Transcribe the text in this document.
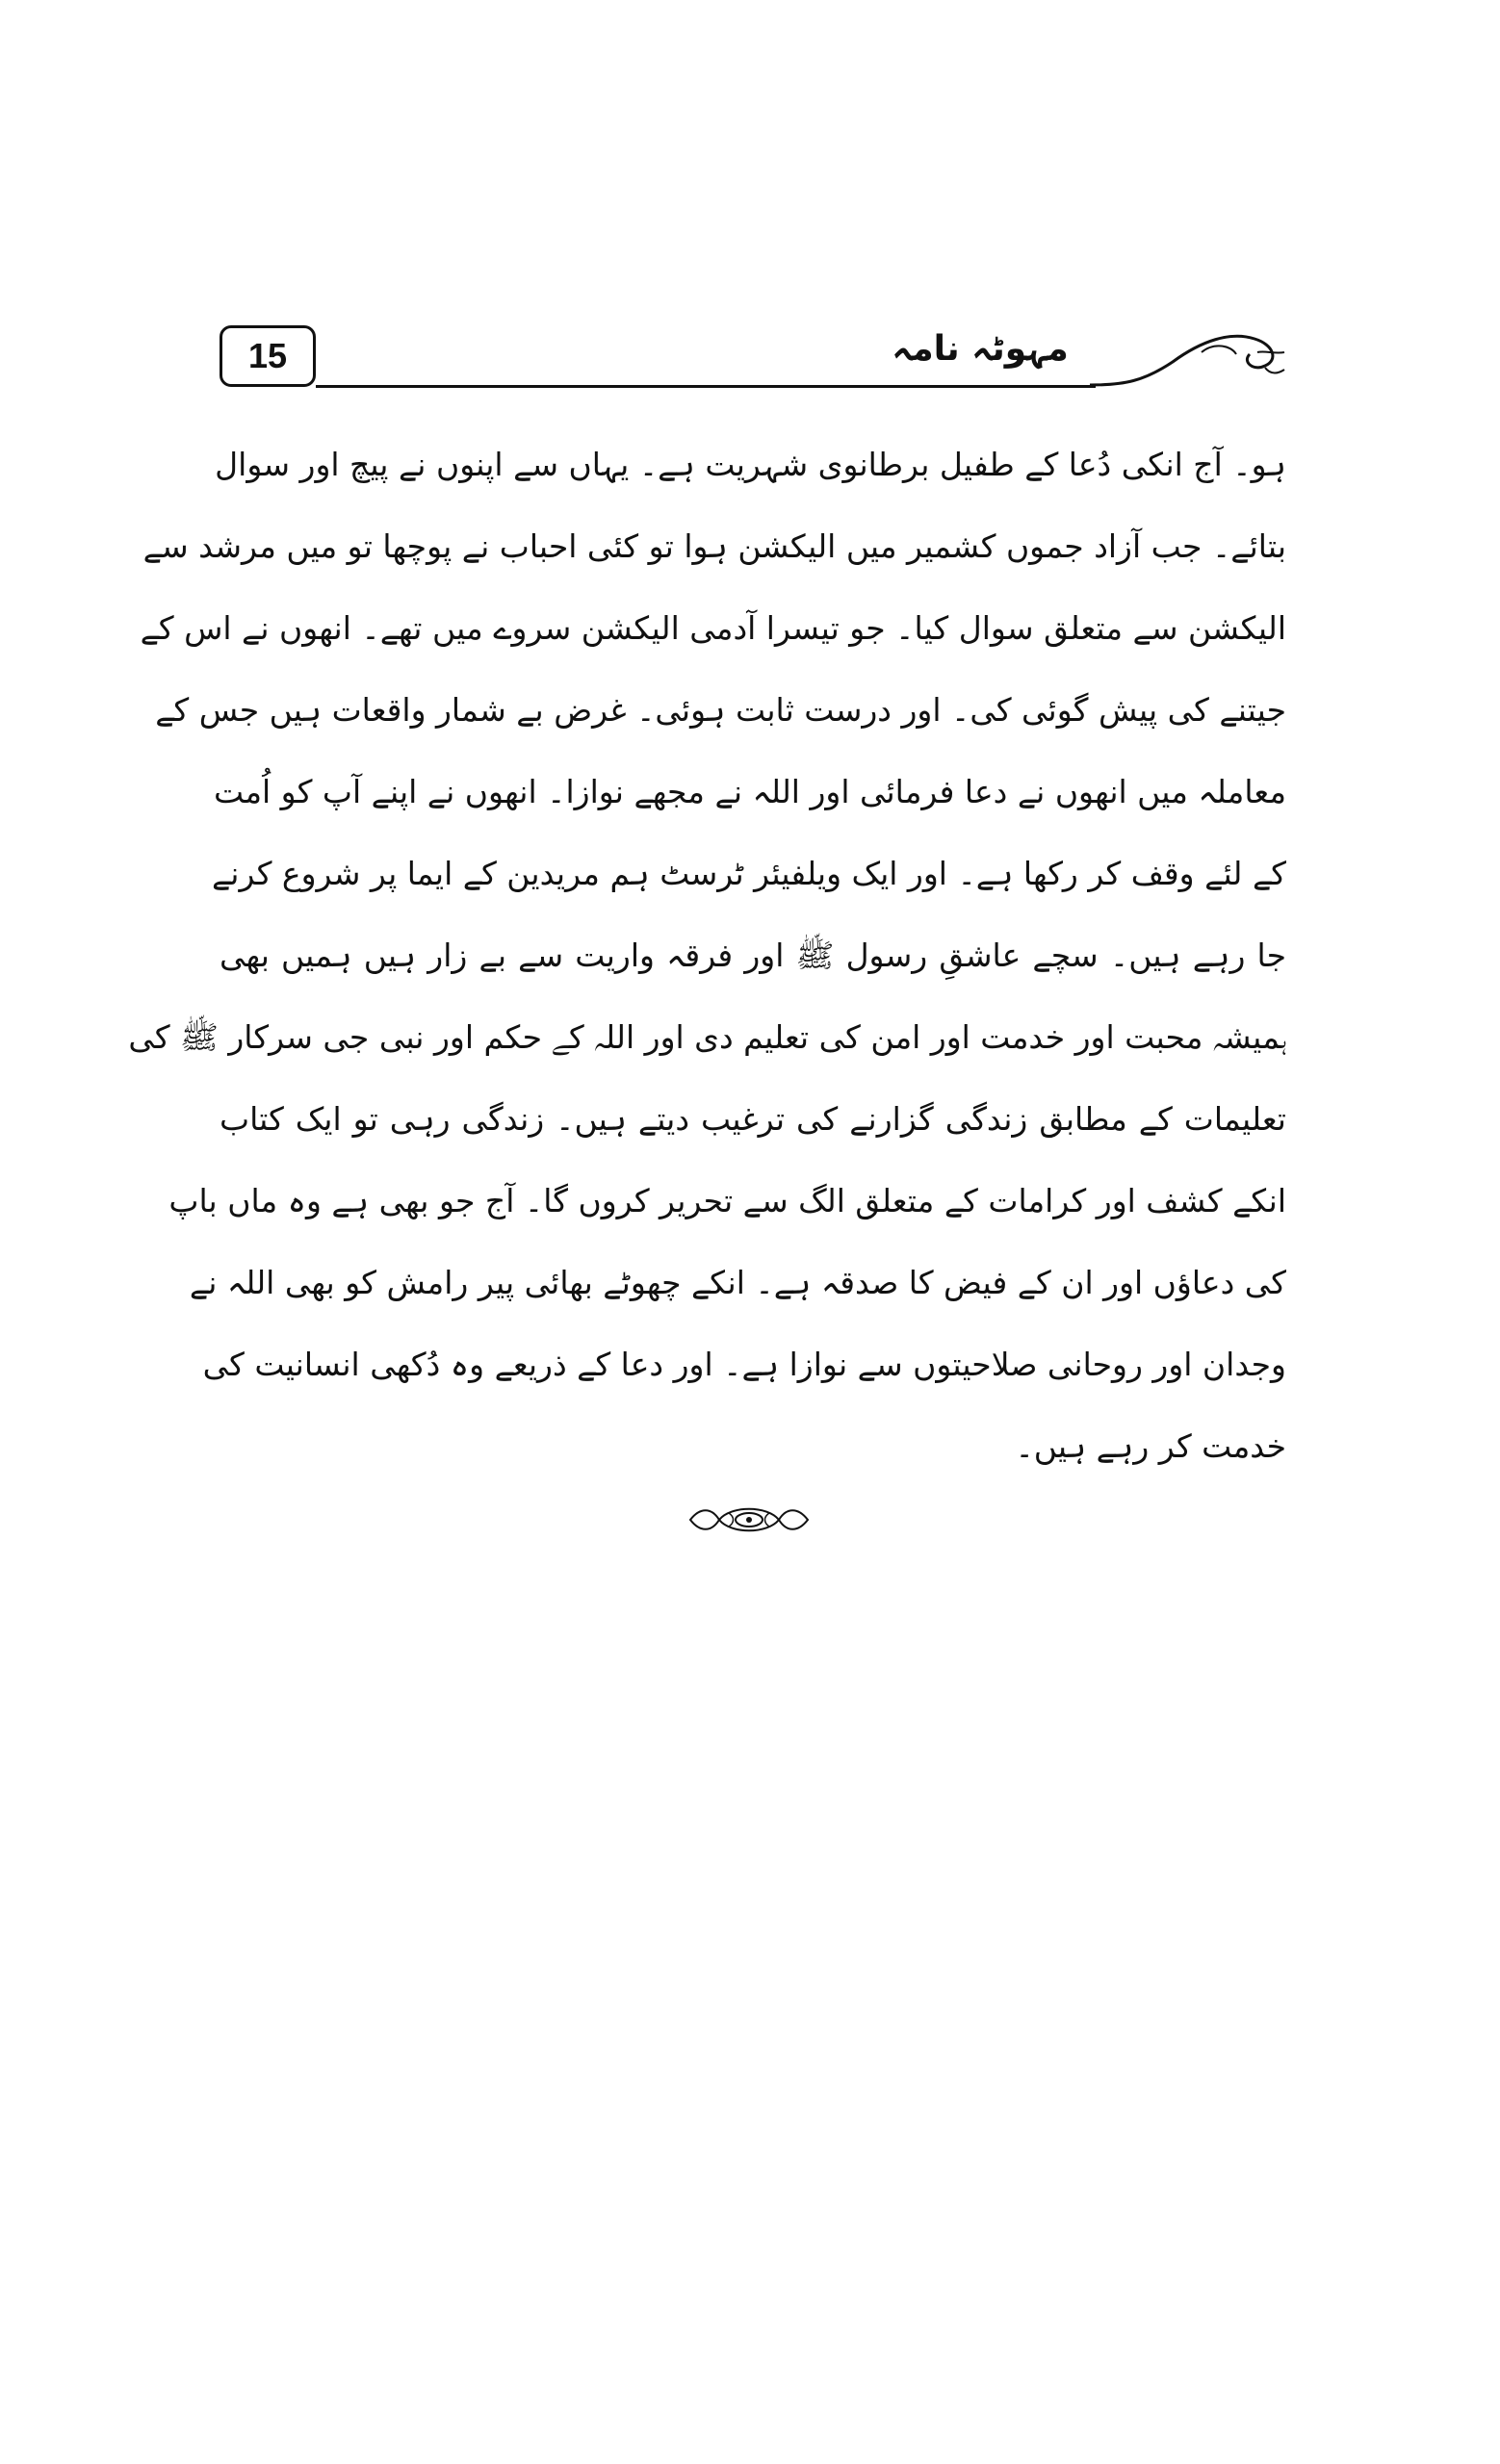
15	مہوٹہ نامہ
ہو۔ آج انکی دُعا کے طفیل برطانوی شہریت ہے۔ یہاں سے اپنوں نے پیچ اور سوال
بتائے۔ جب آزاد جموں کشمیر میں الیکشن ہوا تو کئی احباب نے پوچھا تو میں مرشد سے
الیکشن سے متعلق سوال کیا۔ جو تیسرا آدمی الیکشن سروے میں تھے۔ انھوں نے اس کے
جیتنے کی پیش گوئی کی۔ اور درست ثابت ہوئی۔ غرض بے شمار واقعات ہیں جس کے
معاملہ میں انھوں نے دعا فرمائی اور اللہ نے مجھے نوازا۔ انھوں نے اپنے آپ کو اُمت
کے لئے وقف کر رکھا ہے۔ اور ایک ویلفیئر ٹرسٹ ہم مریدین کے ایما پر شروع کرنے
جا رہے ہیں۔ سچے عاشقِ رسول ﷺ اور فرقہ واریت سے بے زار ہیں ہمیں بھی
ہمیشہ محبت اور خدمت اور امن کی تعلیم دی اور اللہ کے حکم اور نبی جی سرکار ﷺ کی
تعلیمات کے مطابق زندگی گزارنے کی ترغیب دیتے ہیں۔ زندگی رہی تو ایک کتاب
انکے کشف اور کرامات کے متعلق الگ سے تحریر کروں گا۔ آج جو بھی ہے وہ ماں باپ
کی دعاؤں اور ان کے فیض کا صدقہ ہے۔ انکے چھوٹے بھائی پیر رامش کو بھی اللہ نے
وجدان اور روحانی صلاحیتوں سے نوازا ہے۔ اور دعا کے ذریعے وہ دُکھی انسانیت کی
خدمت کر رہے ہیں۔
